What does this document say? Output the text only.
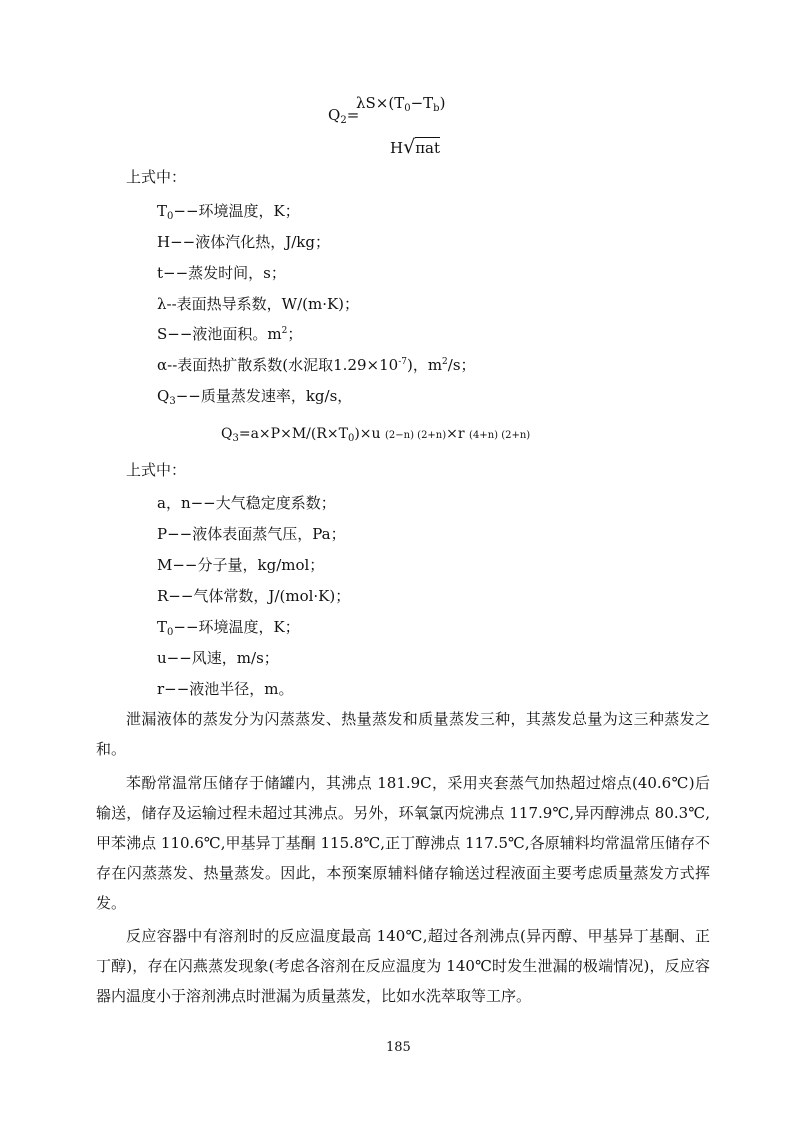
$Q_2=$
$\lambda S\times(T_0-T_b)$
H√πat
上式中：
$T_0--$环境温度，K；
H−−液体汽化热，J/kg；
t−−蒸发时间，s；
λ--表面热导系数，W/(m·K)；
S−−液池面积。$m^2$；
α--表面热扩散系数(水泥取$1.29\times 10^{-7}$)，$m^2/s$；
$Q_3--$质量蒸发速率，kg/s，
$Q_3=a\times P\times M/(R\times T_0)\times u$ (2−n) (2+n)×r (4+n) (2+n)
上式中：
a，n−−大气稳定度系数；
P−−液体表面蒸气压，Pa；
M−−分子量，kg/mol；
R−−气体常数，J/(mol·K)；
$T_0--$环境温度，K；
u−−风速，m/s；
r−−液池半径，m。

泄漏液体的蒸发分为闪蒸蒸发、热量蒸发和质量蒸发三种，其蒸发总量为这三种蒸发之和。

苯酚常温常压储存于储罐内，其沸点 181.9C，采用夹套蒸气加热超过熔点(40.6℃)后输送，储存及运输过程未超过其沸点。另外，环氧氯丙烷沸点 117.9℃,异丙醇沸点 80.3℃,甲苯沸点 110.6℃,甲基异丁基酮 115.8℃,正丁醇沸点 117.5℃,各原辅料均常温常压储存不存在闪蒸蒸发、热量蒸发。因此，本预案原辅料储存输送过程液面主要考虑质量蒸发方式挥发。

反应容器中有溶剂时的反应温度最高 140℃,超过各剂沸点(异丙醇、甲基异丁基酮、正丁醇)，存在闪燕蒸发现象(考虑各溶剂在反应温度为 140℃时发生泄漏的极端情况)，反应容器内温度小于溶剂沸点时泄漏为质量蒸发，比如水洗萃取等工序。

185
